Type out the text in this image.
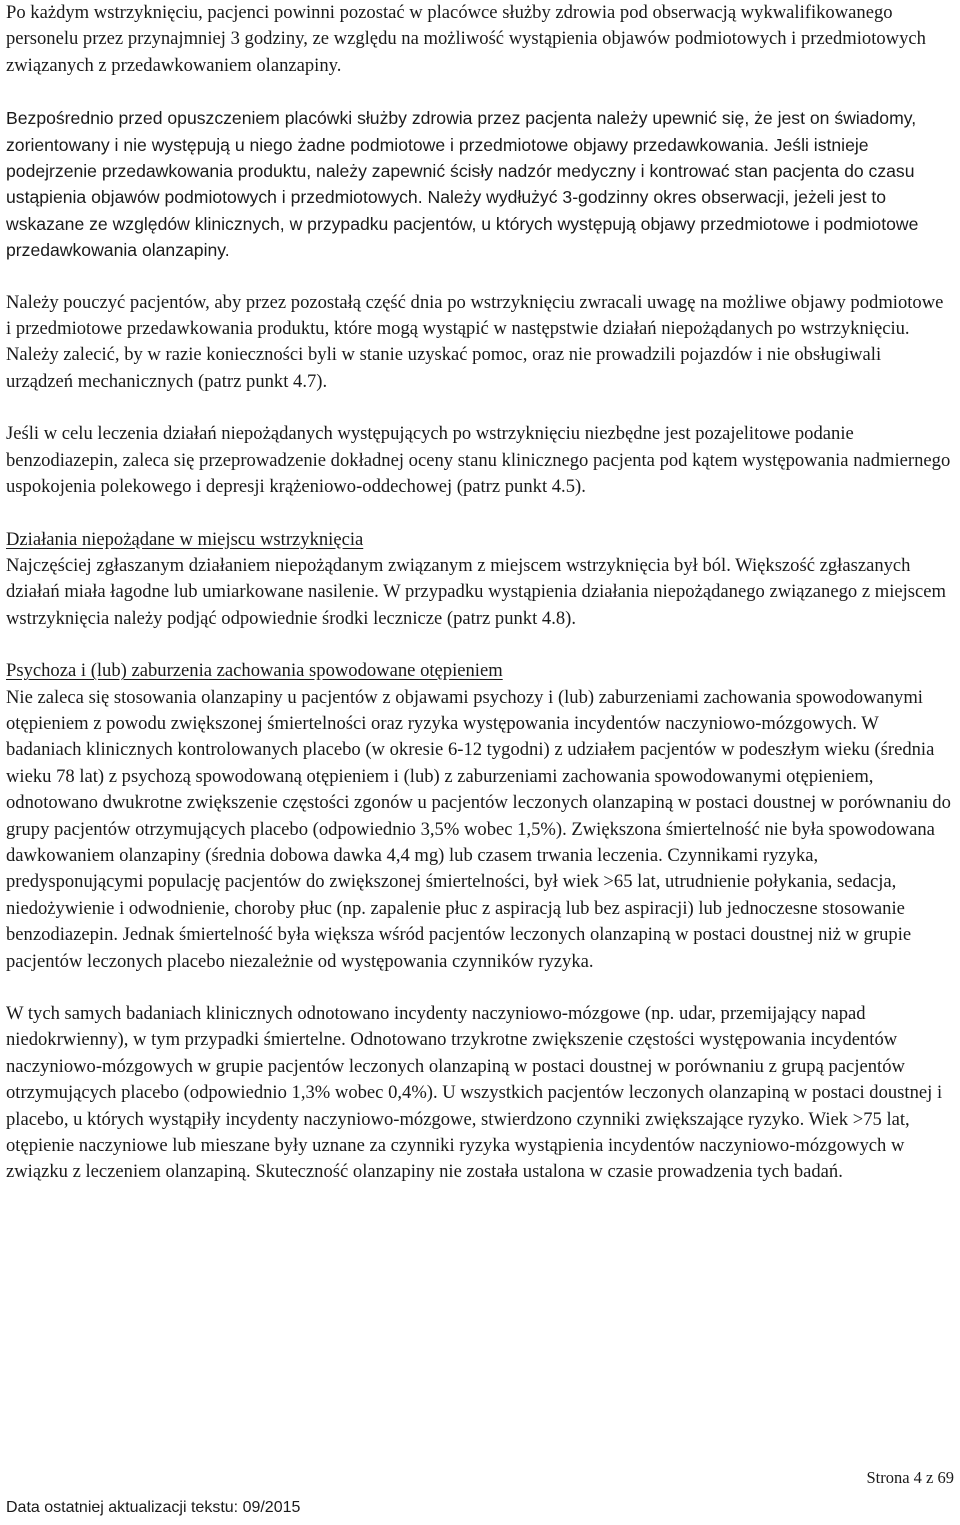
Po każdym wstrzyknięciu, pacjenci powinni pozostać w placówce służby zdrowia pod obserwacją wykwalifikowanego personelu przez przynajmniej 3 godziny, ze względu na możliwość wystąpienia objawów podmiotowych i przedmiotowych związanych z przedawkowaniem olanzapiny.

Bezpośrednio przed opuszczeniem placówki służby zdrowia przez pacjenta należy upewnić się, że jest on świadomy, zorientowany i nie występują u niego żadne podmiotowe i przedmiotowe objawy przedawkowania. Jeśli istnieje podejrzenie przedawkowania produktu, należy zapewnić ścisły nadzór medyczny i kontrować stan pacjenta do czasu ustąpienia objawów podmiotowych i przedmiotowych. Należy wydłużyć 3-godzinny okres obserwacji, jeżeli jest to wskazane ze względów klinicznych, w przypadku pacjentów, u których występują objawy przedmiotowe i podmiotowe przedawkowania olanzapiny.

Należy pouczyć pacjentów, aby przez pozostałą część dnia po wstrzyknięciu zwracali uwagę na możliwe objawy podmiotowe i przedmiotowe przedawkowania produktu, które mogą wystąpić w następstwie działań niepożądanych po wstrzyknięciu. Należy zalecić, by w razie konieczności byli w stanie uzyskać pomoc, oraz nie prowadzili pojazdów i nie obsługiwali urządzeń mechanicznych (patrz punkt 4.7).

Jeśli w celu leczenia działań niepożądanych występujących po wstrzyknięciu niezbędne jest pozajelitowe podanie benzodiazepin, zaleca się przeprowadzenie dokładnej oceny stanu klinicznego pacjenta pod kątem występowania nadmiernego uspokojenia polekowego i depresji krążeniowo-oddechowej (patrz punkt 4.5).

Działania niepożądane w miejscu wstrzyknięcia

Najczęściej zgłaszanym działaniem niepożądanym związanym z miejscem wstrzyknięcia był ból. Większość zgłaszanych działań miała łagodne lub umiarkowane nasilenie. W przypadku wystąpienia działania niepożądanego związanego z miejscem wstrzyknięcia należy podjąć odpowiednie środki lecznicze (patrz punkt 4.8).

Psychoza i (lub) zaburzenia zachowania spowodowane otępieniem

Nie zaleca się stosowania olanzapiny u pacjentów z objawami psychozy i (lub) zaburzeniami zachowania spowodowanymi otępieniem z powodu zwiększonej śmiertelności oraz ryzyka występowania incydentów naczyniowo-mózgowych. W badaniach klinicznych kontrolowanych placebo (w okresie 6-12 tygodni) z udziałem pacjentów w podeszłym wieku (średnia wieku 78 lat) z psychozą spowodowaną otępieniem i (lub) z zaburzeniami zachowania spowodowanymi otępieniem, odnotowano dwukrotne zwiększenie częstości zgonów u pacjentów leczonych olanzapiną w postaci doustnej w porównaniu do grupy pacjentów otrzymujących placebo (odpowiednio 3,5% wobec 1,5%). Zwiększona śmiertelność nie była spowodowana dawkowaniem olanzapiny (średnia dobowa dawka 4,4 mg) lub czasem trwania leczenia. Czynnikami ryzyka, predysponującymi populację pacjentów do zwiększonej śmiertelności, był wiek >65 lat, utrudnienie połykania, sedacja, niedożywienie i odwodnienie, choroby płuc (np. zapalenie płuc z aspiracją lub bez aspiracji) lub jednoczesne stosowanie benzodiazepin. Jednak śmiertelność była większa wśród pacjentów leczonych olanzapiną w postaci doustnej niż w grupie pacjentów leczonych placebo niezależnie od występowania czynników ryzyka.

W tych samych badaniach klinicznych odnotowano incydenty naczyniowo-mózgowe (np. udar, przemijający napad niedokrwienny), w tym przypadki śmiertelne. Odnotowano trzykrotne zwiększenie częstości występowania incydentów naczyniowo-mózgowych w grupie pacjentów leczonych olanzapiną w postaci doustnej w porównaniu z grupą pacjentów otrzymujących placebo (odpowiednio 1,3% wobec 0,4%). U wszystkich pacjentów leczonych olanzapiną w postaci doustnej i placebo, u których wystąpiły incydenty naczyniowo-mózgowe, stwierdzono czynniki zwiększające ryzyko. Wiek >75 lat, otępienie naczyniowe lub mieszane były uznane za czynniki ryzyka wystąpienia incydentów naczyniowo-mózgowych w związku z leczeniem olanzapiną. Skuteczność olanzapiny nie została ustalona w czasie prowadzenia tych badań.

Strona 4 z 69
Data ostatniej aktualizacji tekstu: 09/2015
